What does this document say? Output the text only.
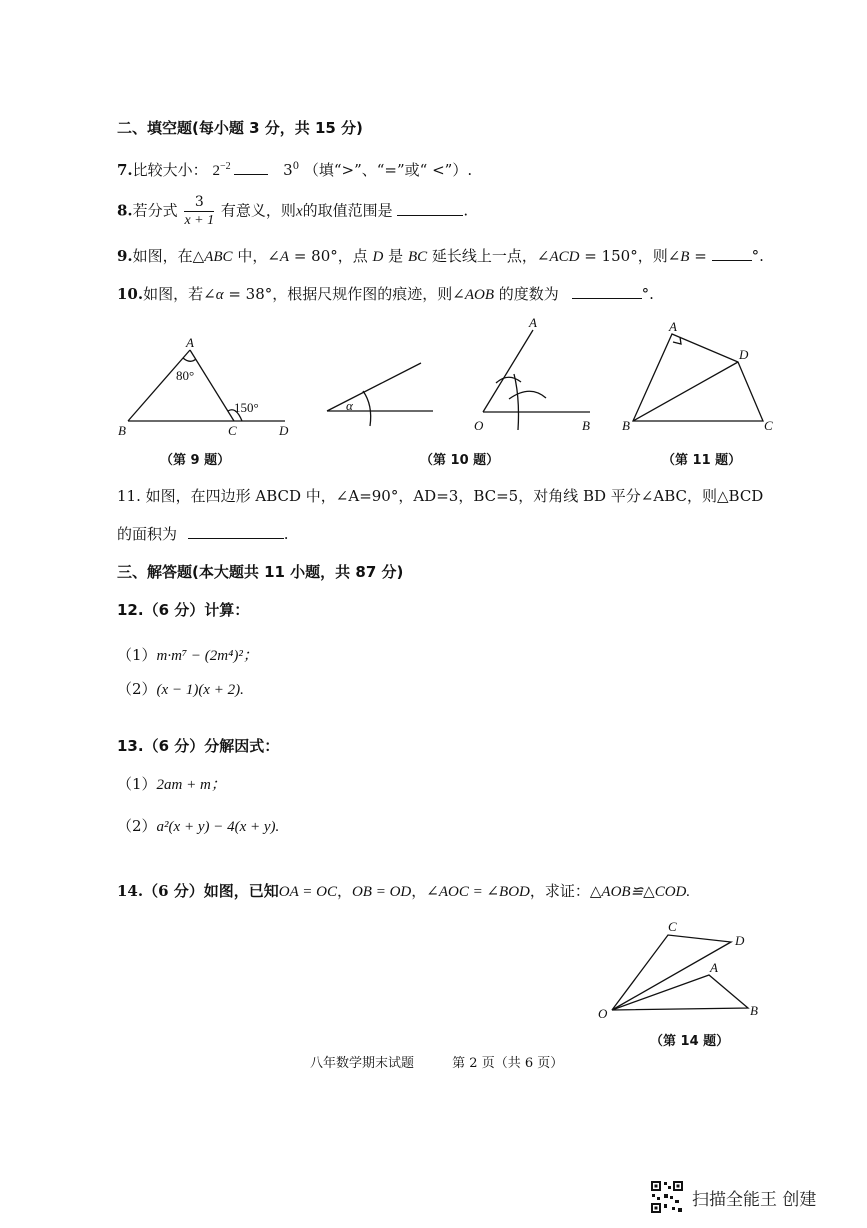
二、填空题(每小题 3 分，共 15 分)
7.比较大小： $2^{-2}$	$3^0$ （填“>”、“=”或“ <”）.
8.若分式 $\frac{3}{x + 1}$ 有意义，则x的取值范围是	.
9.如图，在△ABC 中，∠A = 80°，点 D 是 BC 延长线上一点，∠ACD = 150°，则∠B =	°.
10.如图，若∠α = 38°，根据尺规作图的痕迹，则∠AOB 的度数为	°.
A
80°
150°
B	C	D
α
A
O	B
A
D
B	C
（第 9 题）	（第 10 题）	（第 11 题）
11. 如图，在四边形 ABCD 中，∠A=90°，AD=3，BC=5，对角线 BD 平分∠ABC，则△BCD
的面积为	.
三、解答题(本大题共 11 小题，共 87 分)
12.（6 分）计算：
（1）m·m⁷ − (2m⁴)²；
（2）(x − 1)(x + 2).
13.（6 分）分解因式：
（1）2am + m；
（2）a²(x + y) − 4(x + y).
14.（6 分）如图，已知OA = OC，OB = OD，∠AOC = ∠BOD，求证：△AOB≌△COD.
C
D
A
O	B
（第 14 题）
八年数学期末试题	第 2 页（共 6 页）
扫描全能王 创建
